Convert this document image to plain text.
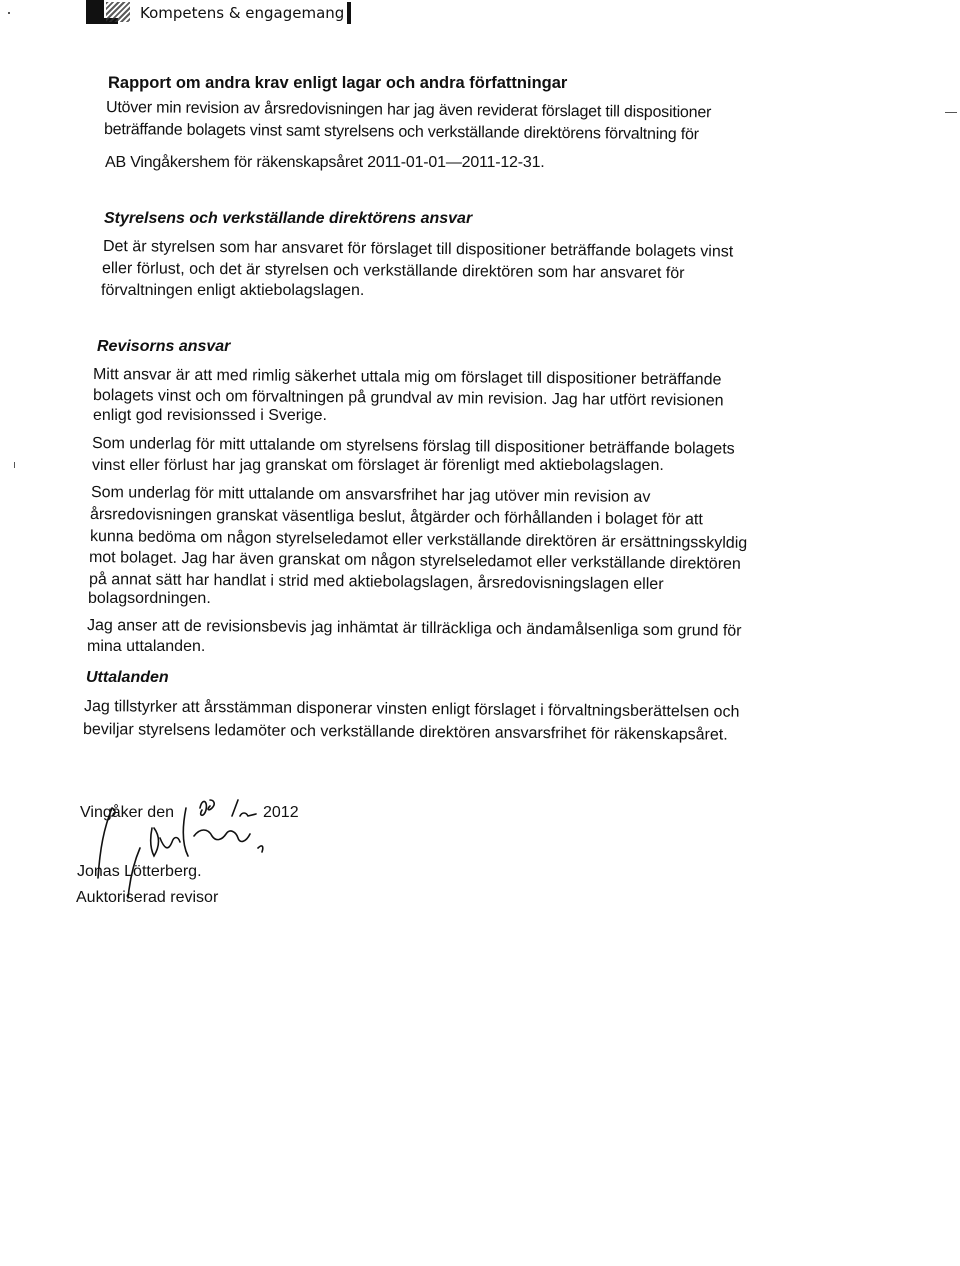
Kompetens & engagemang
Rapport om andra krav enligt lagar och andra författningar
Utöver min revision av årsredovisningen har jag även reviderat förslaget till dispositioner
beträffande bolagets vinst samt styrelsens och verkställande direktörens förvaltning för
AB Vingåkershem för räkenskapsåret 2011-01-01—2011-12-31.
Styrelsens och verkställande direktörens ansvar
Det är styrelsen som har ansvaret för förslaget till dispositioner beträffande bolagets vinst
eller förlust, och det är styrelsen och verkställande direktören som har ansvaret för
förvaltningen enligt aktiebolagslagen.
Revisorns ansvar
Mitt ansvar är att med rimlig säkerhet uttala mig om förslaget till dispositioner beträffande
bolagets vinst och om förvaltningen på grundval av min revision. Jag har utfört revisionen
enligt god revisionssed i Sverige.
Som underlag för mitt uttalande om styrelsens förslag till dispositioner beträffande bolagets
vinst eller förlust har jag granskat om förslaget är förenligt med aktiebolagslagen.
Som underlag för mitt uttalande om ansvarsfrihet har jag utöver min revision av
årsredovisningen granskat väsentliga beslut, åtgärder och förhållanden i bolaget för att
kunna bedöma om någon styrelseledamot eller verkställande direktören är ersättningsskyldig
mot bolaget. Jag har även granskat om någon styrelseledamot eller verkställande direktören
på annat sätt har handlat i strid med aktiebolagslagen, årsredovisningslagen eller
bolagsordningen.
Jag anser att de revisionsbevis jag inhämtat är tillräckliga och ändamålsenliga som grund för
mina uttalanden.
Uttalanden
Jag tillstyrker att årsstämman disponerar vinsten enligt förslaget i förvaltningsberättelsen och
beviljar styrelsens ledamöter och verkställande direktören ansvarsfrihet för räkenskapsåret.
Vingåker den	2012
Jonas Lötterberg.
Auktoriserad revisor
